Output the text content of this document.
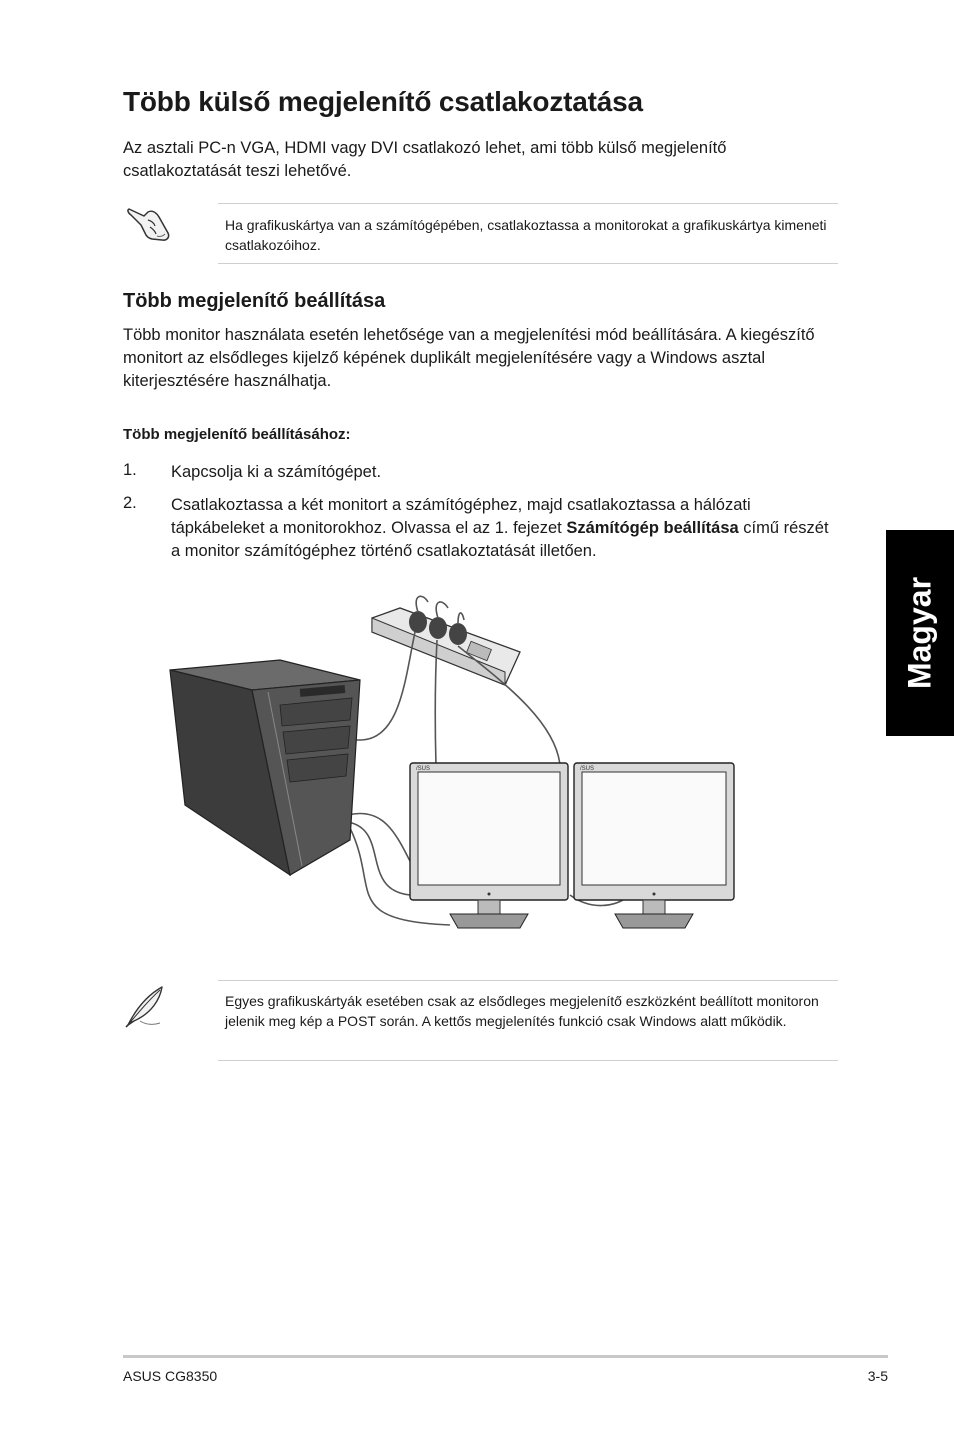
Több külső megjelenítő csatlakoztatása
Az asztali PC-n VGA, HDMI vagy DVI csatlakozó lehet, ami több külső megjelenítő csatlakoztatását teszi lehetővé.
Ha grafikuskártya van a számítógépében, csatlakoztassa a monitorokat a grafikuskártya kimeneti csatlakozóihoz.
Több megjelenítő beállítása
Több monitor használata esetén lehetősége van a megjelenítési mód beállítására. A kiegészítő monitort az elsődleges kijelző képének duplikált megjelenítésére vagy a Windows asztal kiterjesztésére használhatja.
Több megjelenítő beállításához:
1. Kapcsolja ki a számítógépet.
2. Csatlakoztassa a két monitort a számítógéphez, majd csatlakoztassa a hálózati tápkábeleket a monitorokhoz. Olvassa el az 1. fejezet Számítógép beállítása című részét a monitor számítógéphez történő csatlakoztatását illetően.
/SUS	/SUS
Egyes grafikuskártyák esetében csak az elsődleges megjelenítő eszközként beállított monitoron jelenik meg kép a POST során. A kettős megjelenítés funkció csak Windows alatt működik.
Magyar
ASUS CG8350	3-5
